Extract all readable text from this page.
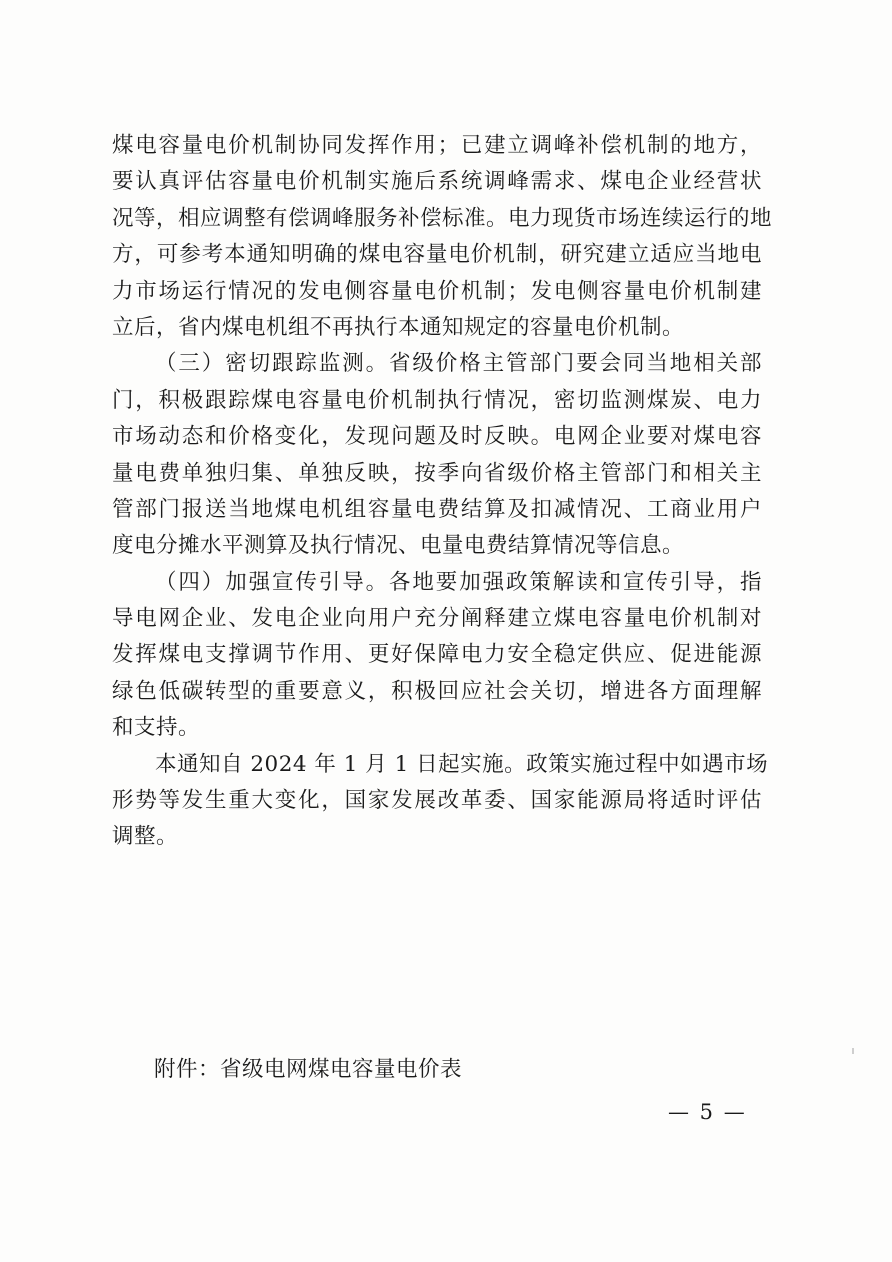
煤电容量电价机制协同发挥作用；已建立调峰补偿机制的地方，
要认真评估容量电价机制实施后系统调峰需求、煤电企业经营状
况等，相应调整有偿调峰服务补偿标准。电力现货市场连续运行的地
方，可参考本通知明确的煤电容量电价机制，研究建立适应当地电
力市场运行情况的发电侧容量电价机制；发电侧容量电价机制建
立后，省内煤电机组不再执行本通知规定的容量电价机制。
（三）密切跟踪监测。省级价格主管部门要会同当地相关部
门，积极跟踪煤电容量电价机制执行情况，密切监测煤炭、电力
市场动态和价格变化，发现问题及时反映。电网企业要对煤电容
量电费单独归集、单独反映，按季向省级价格主管部门和相关主
管部门报送当地煤电机组容量电费结算及扣减情况、工商业用户
度电分摊水平测算及执行情况、电量电费结算情况等信息。
（四）加强宣传引导。各地要加强政策解读和宣传引导，指
导电网企业、发电企业向用户充分阐释建立煤电容量电价机制对
发挥煤电支撑调节作用、更好保障电力安全稳定供应、促进能源
绿色低碳转型的重要意义，积极回应社会关切，增进各方面理解
和支持。
本通知自 2024 年 1 月 1 日起实施。政策实施过程中如遇市场
形势等发生重大变化，国家发展改革委、国家能源局将适时评估
调整。
附件：省级电网煤电容量电价表
— 5 —
